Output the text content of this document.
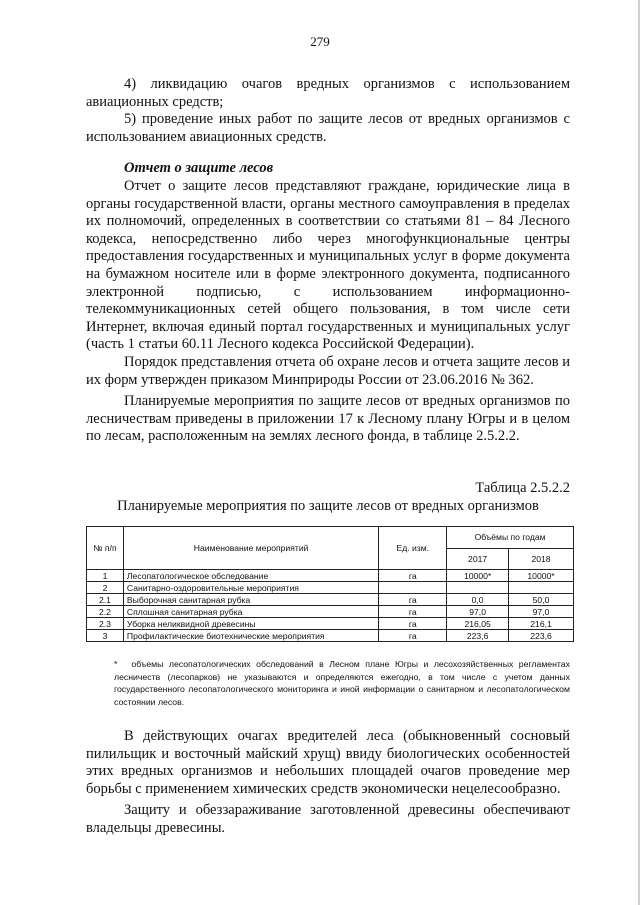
279

4) ликвидацию очагов вредных организмов с использованием авиационных средств;

5) проведение иных работ по защите лесов от вредных организмов с использованием авиационных средств.

Отчет о защите лесов

Отчет о защите лесов представляют граждане, юридические лица в органы государственной власти, органы местного самоуправления в пределах их полномочий, определенных в соответствии со статьями 81 – 84 Лесного кодекса, непосредственно либо через многофункциональные центры предоставления государственных и муниципальных услуг в форме документа на бумажном носителе или в форме электронного документа, подписанного электронной подписью, с использованием информационно-телекоммуникационных сетей общего пользования, в том числе сети Интернет, включая единый портал государственных и муниципальных услуг (часть 1 статьи 60.11 Лесного кодекса Российской Федерации).

Порядок представления отчета об охране лесов и отчета защите лесов и их форм утвержден приказом Минприроды России от 23.06.2016 № 362.

Планируемые мероприятия по защите лесов от вредных организмов по лесничествам приведены в приложении 17 к Лесному плану Югры и в целом по лесам, расположенным на землях лесного фонда, в таблице 2.5.2.2.

Таблица 2.5.2.2
Планируемые мероприятия по защите лесов от вредных организмов
№ п/п	Наименование мероприятий	Ед. изм.	Объёмы по годам	
			2017	2018
1	Лесопатологическое обследование	га	10000*	10000*
2	Санитарно-оздоровительные мероприятия			
2.1	Выборочная санитарная рубка	га	0,0	50,0
2.2	Сплошная санитарная рубка	га	97,0	97,0
2.3	Уборка неликвидной древесины	га	216,05	216,1
3	Профилактические биотехнические мероприятия	га	223,6	223,6
* объемы лесопатологических обследований в Лесном плане Югры и лесохозяйственных регламентах лесничеств (лесопарков) не указываются и определяются ежегодно, в том числе с учетом данных государственного лесопатологического мониторинга и иной информации о санитарном и лесопатологическом состоянии лесов.

В действующих очагах вредителей леса (обыкновенный сосновый пилильщик и восточный майский хрущ) ввиду биологических особенностей этих вредных организмов и небольших площадей очагов проведение мер борьбы с применением химических средств экономически нецелесообразно.

Защиту и обеззараживание заготовленной древесины обеспечивают владельцы древесины.
